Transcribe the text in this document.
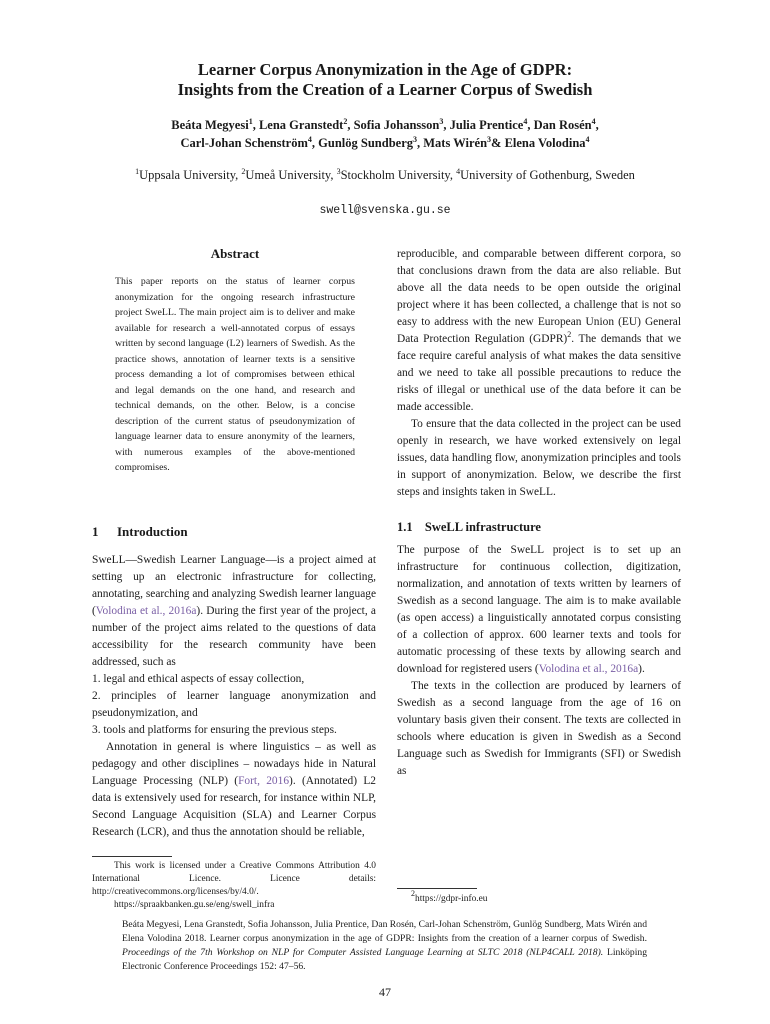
Learner Corpus Anonymization in the Age of GDPR:
Insights from the Creation of a Learner Corpus of Swedish
Beáta Megyesi$^1$, Lena Granstedt$^2$, Sofia Johansson$^3$, Julia Prentice$^4$, Dan Rosén$^4$,
Carl-Johan Schenström$^4$, Gunlög Sundberg$^3$, Mats Wirén$^3$& Elena Volodina$^4$
$^1$Uppsala University, $^2$Umeå University, $^3$Stockholm University, $^4$University of Gothenburg, Sweden
swell@svenska.gu.se
Abstract

This paper reports on the status of learner corpus anonymization for the ongoing research infrastructure project SweLL. The main project aim is to deliver and make available for research a well-annotated corpus of essays written by second language (L2) learners of Swedish. As the practice shows, annotation of learner texts is a sensitive process demanding a lot of compromises between ethical and legal demands on the one hand, and research and technical demands, on the other. Below, is a concise description of the current status of pseudonymization of language learner data to ensure anonymity of the learners, with numerous examples of the above-mentioned compromises.

1 Introduction

SweLL—Swedish Learner Language—is a project aimed at setting up an electronic infrastructure for collecting, annotating, searching and analyzing Swedish learner language (Volodina et al., 2016a). During the first year of the project, a number of the project aims related to the questions of data accessibility for the research community have been addressed, such as

1. legal and ethical aspects of essay collection,

2. principles of learner language anonymization and pseudonymization, and

3. tools and platforms for ensuring the previous steps.

Annotation in general is where linguistics – as well as pedagogy and other disciplines – nowadays hide in Natural Language Processing (NLP) (Fort, 2016). (Annotated) L2 data is extensively used for research, for instance within NLP, Second Language Acquisition (SLA) and Learner Corpus Research (LCR), and thus the annotation should be reliable,

This work is licensed under a Creative Commons Attribution 4.0 International Licence. Licence details: http://creativecommons.org/licenses/by/4.0/.

https://spraakbanken.gu.se/eng/swell_infra

$^2$https://gdpr-info.eu

Beáta Megyesi, Lena Granstedt, Sofia Johansson, Julia Prentice, Dan Rosén, Carl-Johan Schenström, Gunlög Sundberg, Mats Wirén and Elena Volodina 2018. Learner corpus anonymization in the age of GDPR: Insights from the creation of a learner corpus of Swedish. Proceedings of the 7th Workshop on NLP for Computer Assisted Language Learning at SLTC 2018 (NLP4CALL 2018). Linköping Electronic Conference Proceedings 152: 47–56.

47

reproducible, and comparable between different corpora, so that conclusions drawn from the data are also reliable. But above all the data needs to be open outside the original project where it has been collected, a challenge that is not so easy to address with the new European Union (EU) General Data Protection Regulation (GDPR)$^2$. The demands that we face require careful analysis of what makes the data sensitive and we need to take all possible precautions to reduce the risks of illegal or unethical use of the data before it can be made accessible.

To ensure that the data collected in the project can be used openly in research, we have worked extensively on legal issues, data handling flow, anonymization principles and tools in support of anonymization. Below, we describe the first steps and insights taken in SweLL.

1.1 SweLL infrastructure

The purpose of the SweLL project is to set up an infrastructure for continuous collection, digitization, normalization, and annotation of texts written by learners of Swedish as a second language. The aim is to make available (as open access) a linguistically annotated corpus consisting of a collection of approx. 600 learner texts and tools for automatic processing of these texts by allowing search and download for registered users (Volodina et al., 2016a).

The texts in the collection are produced by learners of Swedish as a second language from the age of 16 on voluntary basis given their consent. The texts are collected in schools where education is given in Swedish as a Second Language such as Swedish for Immigrants (SFI) or Swedish as
